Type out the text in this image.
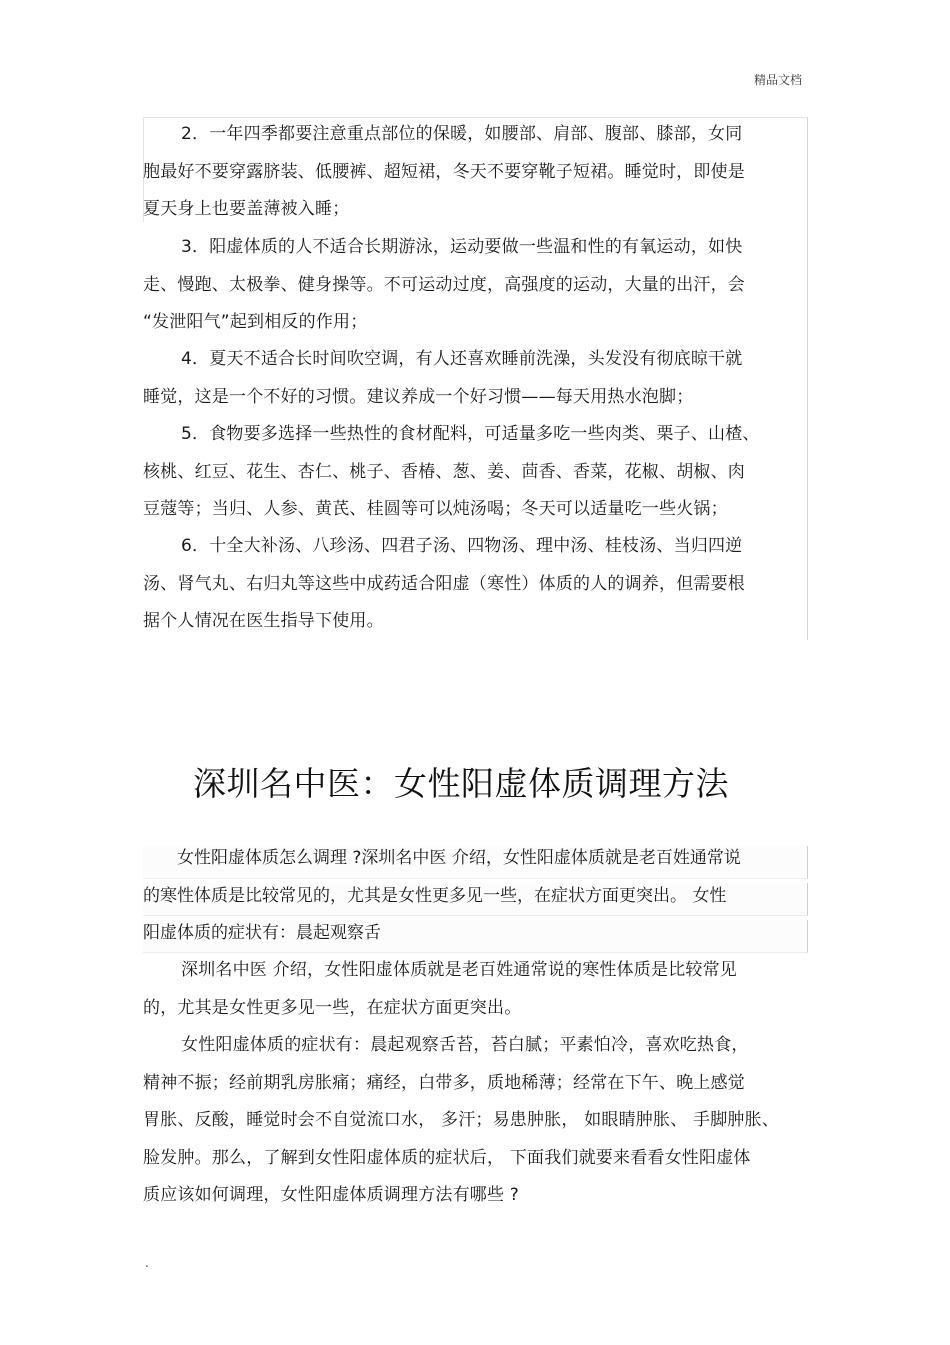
精品文档
2．一年四季都要注意重点部位的保暖，如腰部、肩部、腹部、膝部，女同
胞最好不要穿露脐装、低腰裤、超短裙，冬天不要穿靴子短裙。睡觉时，即使是
夏天身上也要盖薄被入睡；
3．阳虚体质的人不适合长期游泳，运动要做一些温和性的有氧运动，如快
走、慢跑、太极拳、健身操等。不可运动过度，高强度的运动，大量的出汗，会
“发泄阳气”起到相反的作用；
4．夏天不适合长时间吹空调，有人还喜欢睡前洗澡，头发没有彻底晾干就
睡觉，这是一个不好的习惯。建议养成一个好习惯——每天用热水泡脚；
5．食物要多选择一些热性的食材配料，可适量多吃一些肉类、栗子、山楂、
核桃、红豆、花生、杏仁、桃子、香椿、葱、姜、茴香、香菜，花椒、胡椒、肉
豆蔻等；当归、人参、黄芪、桂圆等可以炖汤喝；冬天可以适量吃一些火锅；
6．十全大补汤、八珍汤、四君子汤、四物汤、理中汤、桂枝汤、当归四逆
汤、肾气丸、右归丸等这些中成药适合阳虚（寒性）体质的人的调养，但需要根
据个人情况在医生指导下使用。
深圳名中医：女性阳虚体质调理方法
女性阳虚体质怎么调理 ?深圳名中医 介绍，女性阳虚体质就是老百姓通常说
的寒性体质是比较常见的，尤其是女性更多见一些，在症状方面更突出。 女性
阳虚体质的症状有：晨起观察舌
深圳名中医 介绍，女性阳虚体质就是老百姓通常说的寒性体质是比较常见
的，尤其是女性更多见一些，在症状方面更突出。
女性阳虚体质的症状有：晨起观察舌苔，苔白腻；平素怕冷，喜欢吃热食，
精神不振；经前期乳房胀痛；痛经，白带多，质地稀薄；经常在下午、晚上感觉
胃胀、反酸，睡觉时会不自觉流口水， 多汗；易患肿胀， 如眼睛肿胀、 手脚肿胀、
脸发肿。那么，了解到女性阳虚体质的症状后， 下面我们就要来看看女性阳虚体
质应该如何调理，女性阳虚体质调理方法有哪些 ?
.
